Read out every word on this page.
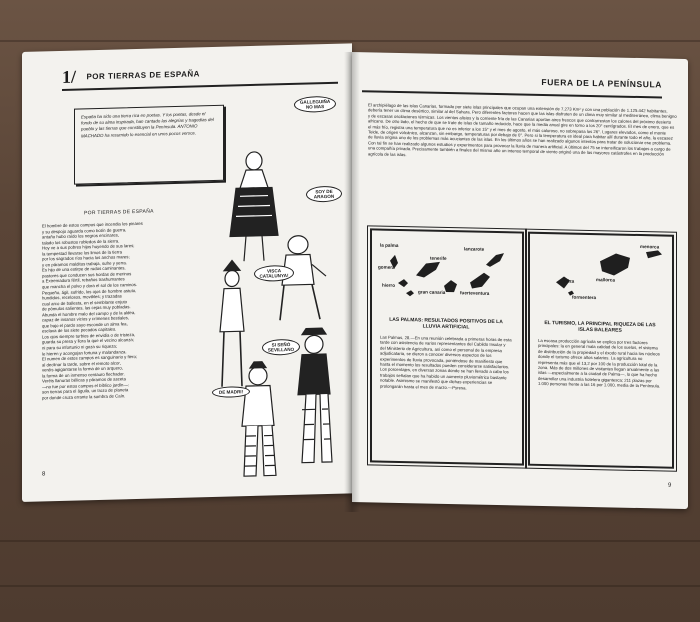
1/ POR TIERRAS DE ESPAÑA
España ha sido una tierra rica en poetas. Y los poetas, desde el fondo de su alma inspirada, han cantado las alegrías y tragedias del pueblo y las tierras que constituyen la Península. ANTONIO MACHADO ha resumido lo esencial en unos pocos versos.
POR TIERRAS DE ESPAÑA
El hombre de estos campos que incendia los pinares
y su despojo aguarda como botín de guerra,
antaño hubo raído los negros encinares,
talado los robustos robledos de la sierra.
Hoy ve a sus pobres hijos huyendo de sus lares;
la tempestad llevarse los limos de la tierra
por los sagrados ríos hacia los anchos mares;
y en páramos malditos trabaja, sufre y yerra.
Es hijo de una estirpe de rudos caminantes,
pastores que conducen sus hordas de merinos
a Extremadura fértil, rebaños trashumantes
que mancha el polvo y dora el sol de los caminos.
Pequeño, ágil, sufrido, los ojos de hombre astuto,
hundidos, recelosos, movibles; y trazadas
cual arco de ballesta, en el semblante enjuto
de pómulos salientes, las cejas muy pobladas.
Abunda el hombre malo del campo y de la aldea,
capaz de insanos vicios y crímenes bestiales,
que bajo el pardo sayo esconde un alma fea,
esclava de los siete pecados capitales.
Los ojos siempre turbios de envidia o de tristeza,
guarda su presa y llora la que el vecino alcanza;
ni para su infortunio ni goza su riqueza;
le hieren y acongojan fortuna y malandanza.
El numen de estos campos es sanguinario y fiero;
al declinar la tarde, sobre el remoto alcor,
veréis agigantarse la forma de un arquero,
la forma de un inmenso centauro flechador.
Veréis llanuras bélicas y páramos de asceta
—no fue por estos campos el bíblico jardín—:
son tierras para el águila, un trozo de planeta
por donde cruza errante la sombra de Caín.
GALLEGUIÑA NO MAS
SOY DE ARAGON
VISCA CATALUNYA!
SI SEÑÓ SEVILLANO
DE MADRI!
8
FUERA DE LA PENÍNSULA
El archipiélago de las islas Canarias, formado por siete islas principales que ocupan una extensión de 7.273 Km² y con una población de 1.125.442 habitantes, debería tener un clima desértico, similar al del Sahara. Pero diferentes factores hacen que las islas disfruten de un clima muy similar al mediterráneo, clima benigno y de escasas oscilaciones térmicas. Los vientos alisios y la corriente fría de las Canarias aportan aires frescos que contrarrestan los calores del próximo desierto africano. De otro lado, el hecho de que se trate de islas de tamaño reducido, hace que la media anual gire en torno a los 20° centígrados. El mes de enero, que es el más frío, registra una temperatura que no es inferior a los 15° y el mes de agosto, el más caluroso, no sobrepasa los 26°. Lugares elevados, como el monte Teide, de origen volcánico, alcanzan, sin embargo, temperaturas por debajo de 0°. Pero si la temperatura es ideal para habitar allí durante todo el año, la escasez de lluvia origina uno de los problemas más acuciantes de las islas. En los últimos años se han realizado algunos intentos para tratar de solucionar ese problema. Con tal fin se han realizado algunos estudios y experimentos para provocar la lluvia de manera artificial. A últimos del 75 se intensificaron los trabajos a cargo de una compañía privada. Precisamente también a finales del mismo año un intenso temporal de viento originó una de las mayores catástrofes en la producción agrícola de las islas.
la palma
tenerife
lanzarote
gomera
hierro
gran canaria	fuerteventura
LAS PALMAS: RESULTADOS POSITIVOS DE LA LLUVIA ARTIFICIAL
Las Palmas, 28.—En una reunión celebrada a primeras horas de esta tarde con asistencia de varios representantes del Cabildo Insular y del Ministerio de Agricultura, así como el personal de la empresa adjudicataria, se dieron a conocer diversos aspectos de los experimentos de lluvia provocada, poniéndose de manifiesto que hasta el momento los resultados pueden considerarse satisfactorios. Los porcentajes, en diversas zonas donde se han llevado a cabo los trabajos señalan que ha habido un aumento pluviométrico bastante notable. Asimismo se manifestó que dichas experiencias se prolongarán hasta el mes de marzo.—Pyresa.
menorca
mallorca
ibiza
formentera
EL TURISMO, LA PRINCIPAL RIQUEZA DE LAS ISLAS BALEARES
La escasa producción agrícola se explica por tres factores principales: la en general mala calidad de los suelos, el sistema de distribución de la propiedad y el éxodo rural hacia los núcleos donde el turismo ofrece altos salarios. La agricultura no representa más que el 13,2 por 100 de la producción total de la zona. Más de dos millones de visitantes llegan anualmente a las islas —especialmente a la ciudad de Palma—, lo que ha hecho desarrollar una industria hotelera gigantesca; 211 plazas por 1.000 personas frente a las 16 por 1.000, media de la Península.
9
